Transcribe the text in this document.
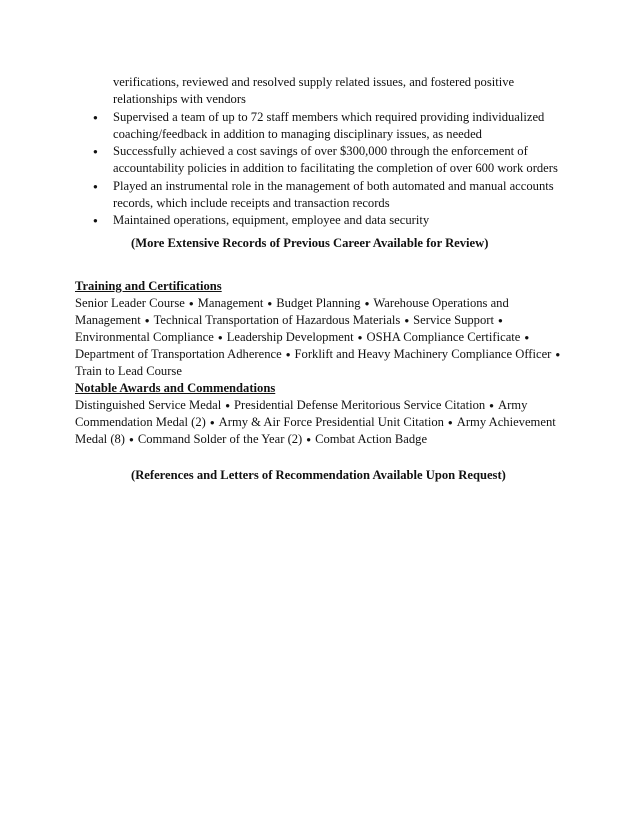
verifications, reviewed and resolved supply related issues, and fostered positive relationships with vendors
● Supervised a team of up to 72 staff members which required providing individualized coaching/feedback in addition to managing disciplinary issues, as needed
● Successfully achieved a cost savings of over $300,000 through the enforcement of accountability policies in addition to facilitating the completion of over 600 work orders
● Played an instrumental role in the management of both automated and manual accounts records, which include receipts and transaction records
● Maintained operations, equipment, employee and data security
(More Extensive Records of Previous Career Available for Review)
Training and Certifications
Senior Leader Course ● Management ● Budget Planning ● Warehouse Operations and Management ● Technical Transportation of Hazardous Materials ● Service Support ● Environmental Compliance ● Leadership Development ● OSHA Compliance Certificate ● Department of Transportation Adherence ● Forklift and Heavy Machinery Compliance Officer ● Train to Lead Course
Notable Awards and Commendations
Distinguished Service Medal ● Presidential Defense Meritorious Service Citation ● Army Commendation Medal (2) ● Army & Air Force Presidential Unit Citation ● Army Achievement Medal (8) ● Command Solder of the Year (2) ● Combat Action Badge
(References and Letters of Recommendation Available Upon Request)
